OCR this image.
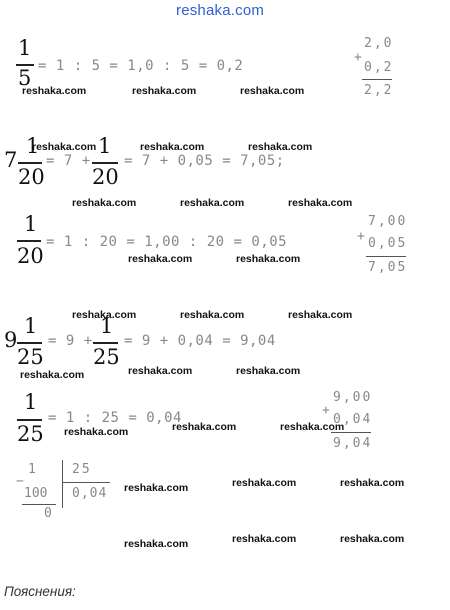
reshaka.com
1
5 = 1 : 5 = 1,0 : 5 = 0,2
+
2,0
0,2
2,2
reshaka.com	reshaka.com	reshaka.com
7
1
20
= 7 +
1
20
= 7 + 0,05 = 7,05;
reshaka.com	reshaka.com	reshaka.com
reshaka.com	reshaka.com	reshaka.com
1
20
= 1 : 20 = 1,00 : 20 = 0,05	+
7,00
0,05
7,05
reshaka.com	reshaka.com
reshaka.com	reshaka.com	reshaka.com
9
1
25
= 9 +
1
25
= 9 + 0,04 = 9,04
reshaka.com	reshaka.com	reshaka.com
1
25
= 1 : 25 = 0,04	+
9,00
0,04
9,04
reshaka.com	reshaka.com	reshaka.com
−
1
100
0
25
0,04 reshaka.com	reshaka.com	reshaka.com
reshaka.com	reshaka.com	reshaka.com
Пояснения:
